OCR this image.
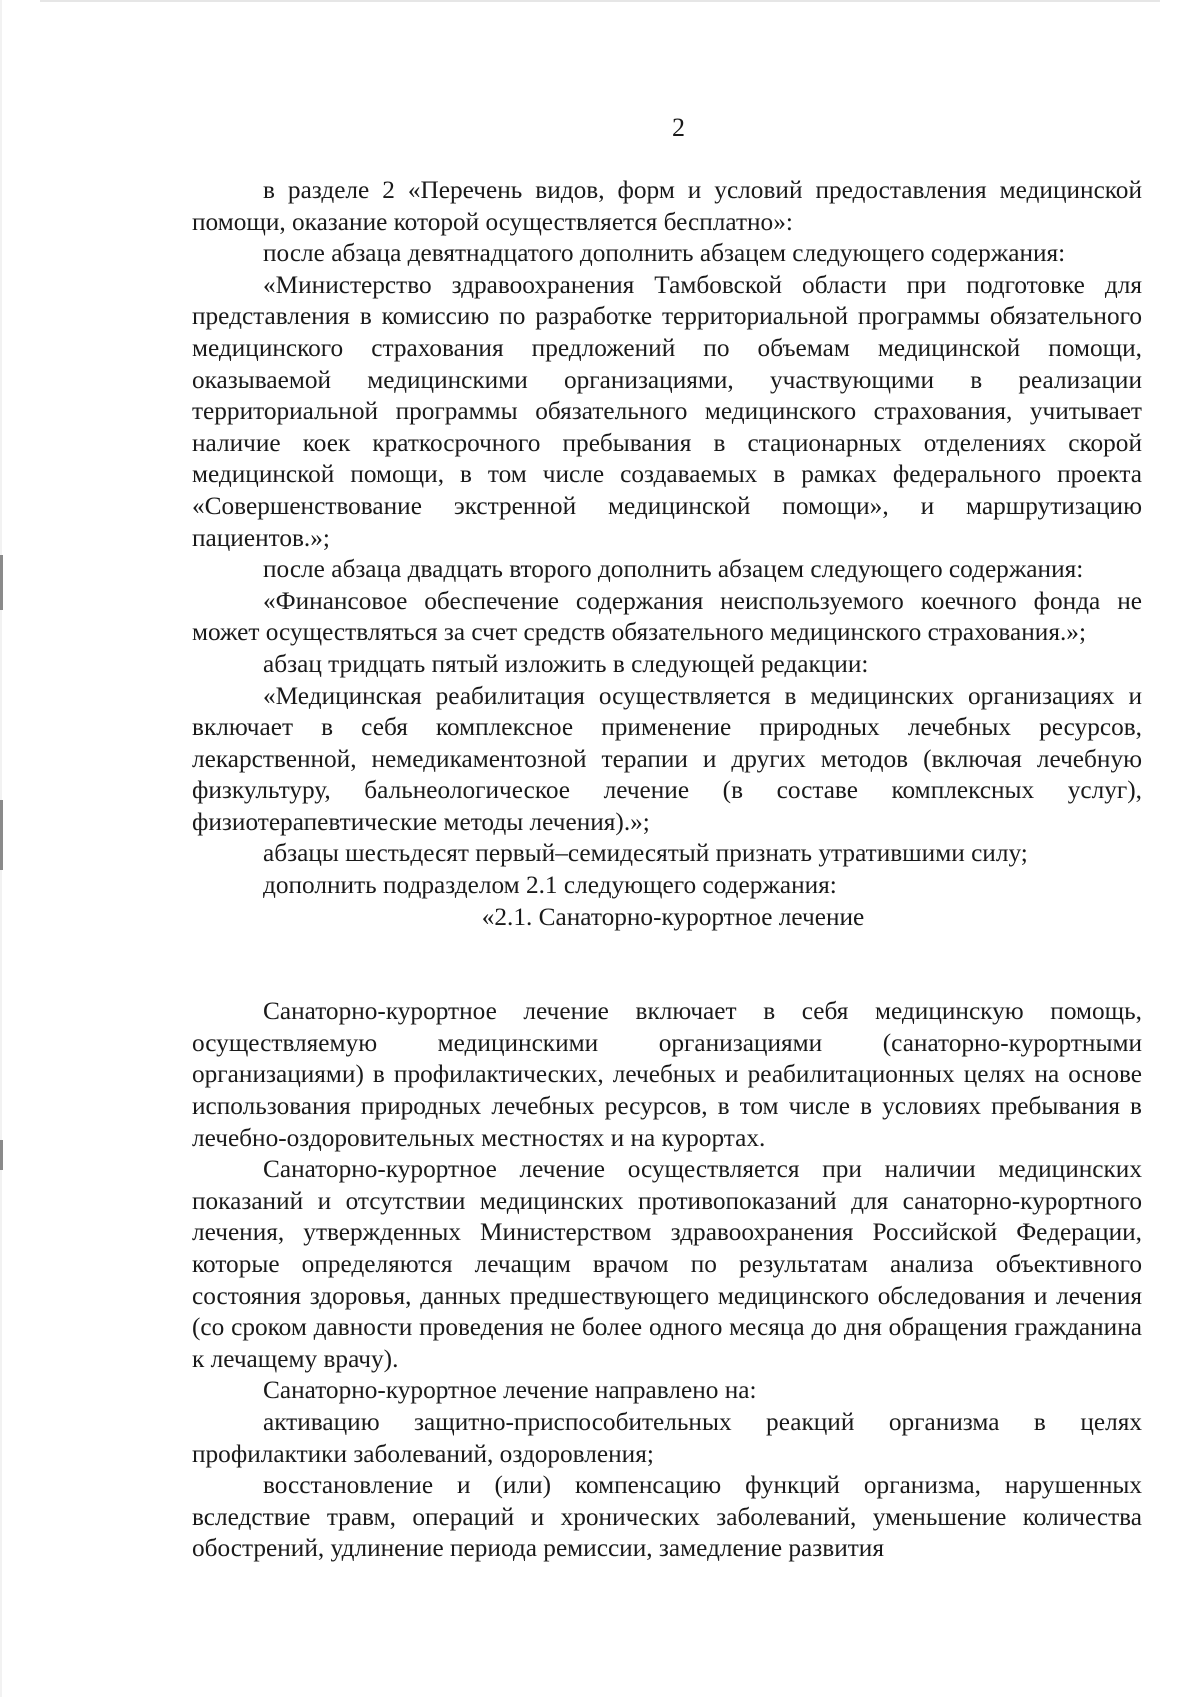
2

в разделе 2 «Перечень видов, форм и условий предоставления медицинской помощи, оказание которой осуществляется бесплатно»:

после абзаца девятнадцатого дополнить абзацем следующего содержания:

«Министерство здравоохранения Тамбовской области при подготовке для представления в комиссию по разработке территориальной программы обязательного медицинского страхования предложений по объемам медицинской помощи, оказываемой медицинскими организациями, участвующими в реализации территориальной программы обязательного медицинского страхования, учитывает наличие коек краткосрочного пребывания в стационарных отделениях скорой медицинской помощи, в том числе создаваемых в рамках федерального проекта «Совершенствование экстренной медицинской помощи», и маршрутизацию пациентов.»;

после абзаца двадцать второго дополнить абзацем следующего содержания:

«Финансовое обеспечение содержания неиспользуемого коечного фонда не может осуществляться за счет средств обязательного медицинского страхования.»;

абзац тридцать пятый изложить в следующей редакции:

«Медицинская реабилитация осуществляется в медицинских организациях и включает в себя комплексное применение природных лечебных ресурсов, лекарственной, немедикаментозной терапии и других методов (включая лечебную физкультуру, бальнеологическое лечение (в составе комплексных услуг), физиотерапевтические методы лечения).»;

абзацы шестьдесят первый–семидесятый признать утратившими силу;

дополнить подразделом 2.1 следующего содержания:

«2.1. Санаторно-курортное лечение

Санаторно-курортное лечение включает в себя медицинскую помощь, осуществляемую медицинскими организациями (санаторно-курортными организациями) в профилактических, лечебных и реабилитационных целях на основе использования природных лечебных ресурсов, в том числе в условиях пребывания в лечебно-оздоровительных местностях и на курортах.

Санаторно-курортное лечение осуществляется при наличии медицинских показаний и отсутствии медицинских противопоказаний для санаторно-курортного лечения, утвержденных Министерством здравоохранения Российской Федерации, которые определяются лечащим врачом по результатам анализа объективного состояния здоровья, данных предшествующего медицинского обследования и лечения (со сроком давности проведения не более одного месяца до дня обращения гражданина к лечащему врачу).

Санаторно-курортное лечение направлено на:

активацию защитно-приспособительных реакций организма в целях профилактики заболеваний, оздоровления;

восстановление и (или) компенсацию функций организма, нарушенных вследствие травм, операций и хронических заболеваний, уменьшение количества обострений, удлинение периода ремиссии, замедление развития
